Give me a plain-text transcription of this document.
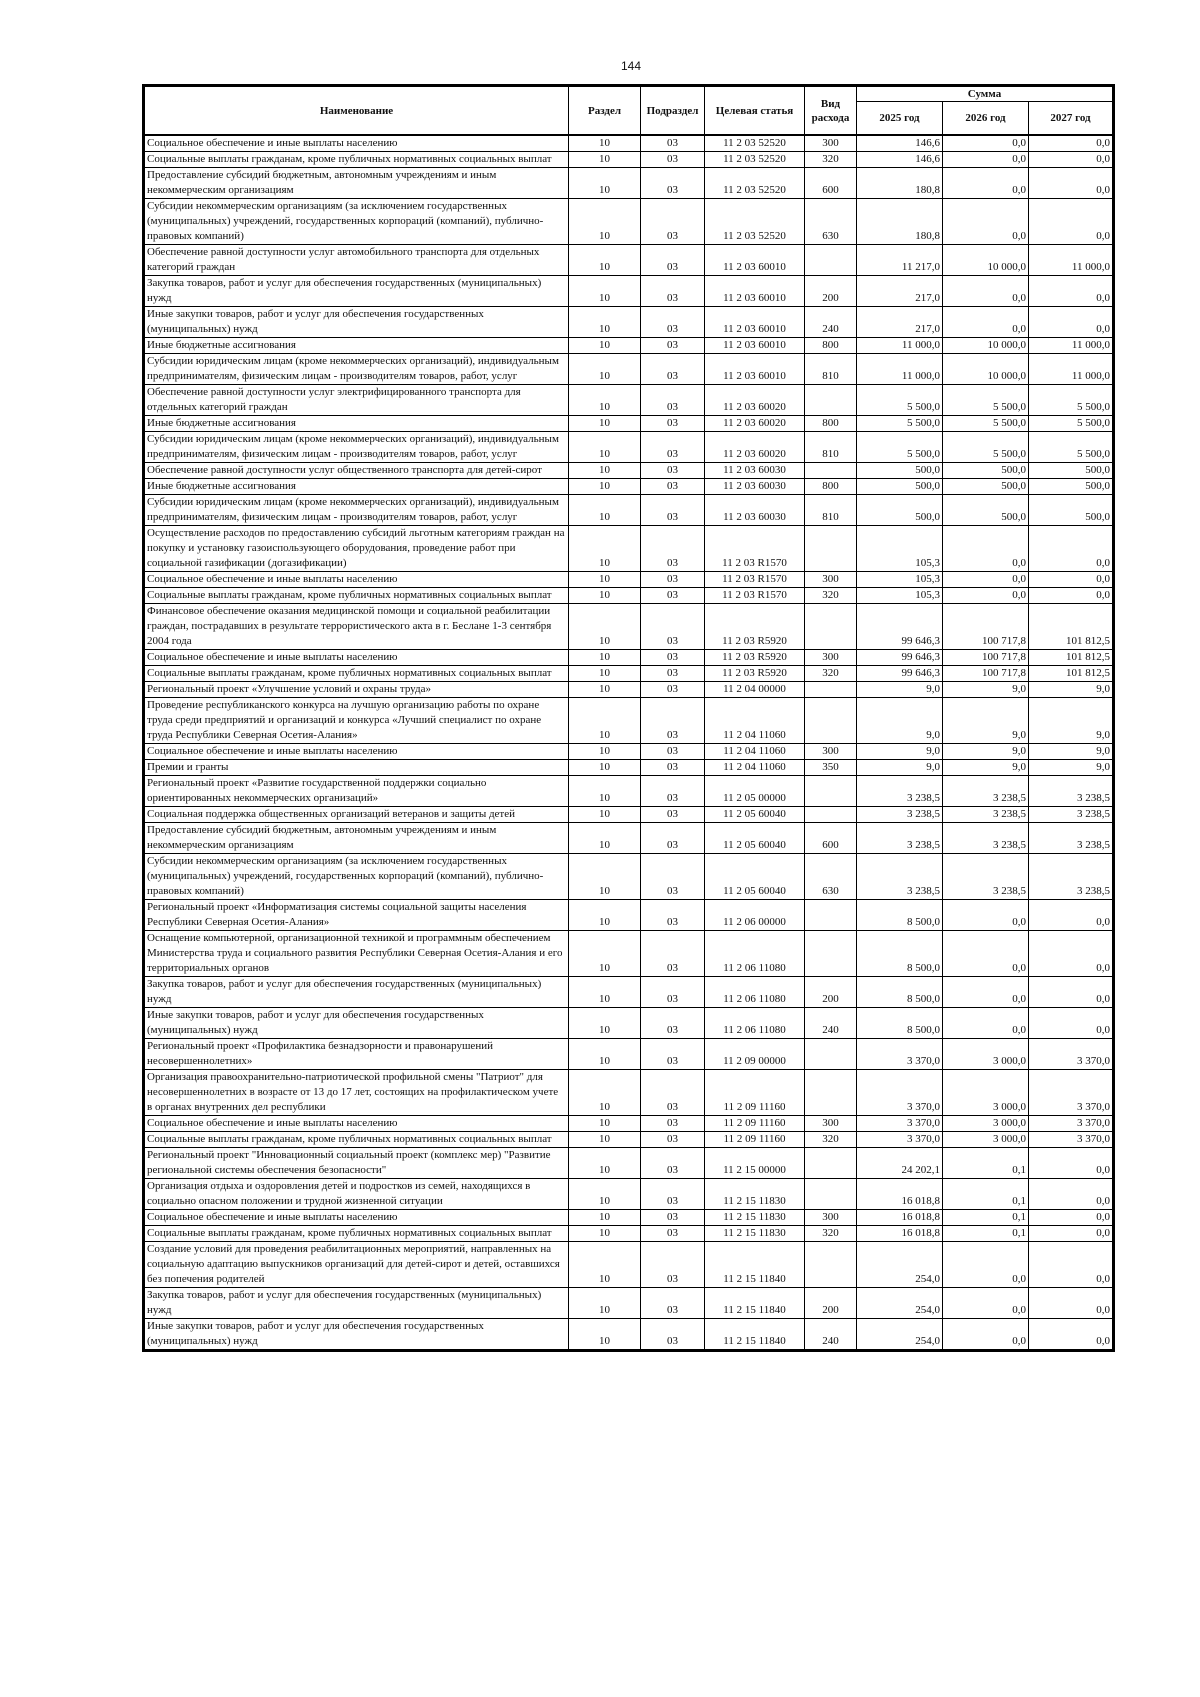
144
Наименование	Раздел	Подраздел	Целевая статья	Вид расхода	Сумма		
					2025 год	2026 год	2027 год
Социальное обеспечение и иные выплаты населению	10	03	11 2 03 52520	300	146,6	0,0	0,0
Социальные выплаты гражданам, кроме публичных нормативных социальных выплат	10	03	11 2 03 52520	320	146,6	0,0	0,0
Предоставление субсидий бюджетным, автономным учреждениям и иным некоммерческим организациям	10	03	11 2 03 52520	600	180,8	0,0	0,0
Субсидии некоммерческим организациям (за исключением государственных (муниципальных) учреждений, государственных корпораций (компаний), публично-правовых компаний)	10	03	11 2 03 52520	630	180,8	0,0	0,0
Обеспечение равной доступности услуг автомобильного транспорта для отдельных категорий граждан	10	03	11 2 03 60010		11 217,0	10 000,0	11 000,0
Закупка товаров, работ и услуг для обеспечения государственных (муниципальных) нужд	10	03	11 2 03 60010	200	217,0	0,0	0,0
Иные закупки товаров, работ и услуг для обеспечения государственных (муниципальных) нужд	10	03	11 2 03 60010	240	217,0	0,0	0,0
Иные бюджетные ассигнования	10	03	11 2 03 60010	800	11 000,0	10 000,0	11 000,0
Субсидии юридическим лицам (кроме некоммерческих организаций), индивидуальным предпринимателям, физическим лицам - производителям товаров, работ, услуг	10	03	11 2 03 60010	810	11 000,0	10 000,0	11 000,0
Обеспечение равной доступности услуг электрифицированного транспорта для отдельных категорий граждан	10	03	11 2 03 60020		5 500,0	5 500,0	5 500,0
Иные бюджетные ассигнования	10	03	11 2 03 60020	800	5 500,0	5 500,0	5 500,0
Субсидии юридическим лицам (кроме некоммерческих организаций), индивидуальным предпринимателям, физическим лицам - производителям товаров, работ, услуг	10	03	11 2 03 60020	810	5 500,0	5 500,0	5 500,0
Обеспечение равной доступности услуг общественного транспорта для детей-сирот	10	03	11 2 03 60030		500,0	500,0	500,0
Иные бюджетные ассигнования	10	03	11 2 03 60030	800	500,0	500,0	500,0
Субсидии юридическим лицам (кроме некоммерческих организаций), индивидуальным предпринимателям, физическим лицам - производителям товаров, работ, услуг	10	03	11 2 03 60030	810	500,0	500,0	500,0
Осуществление расходов по предоставлению субсидий льготным категориям граждан на покупку и установку газоиспользующего оборудования, проведение работ при социальной газификации (догазификации)	10	03	11 2 03 R1570		105,3	0,0	0,0
Социальное обеспечение и иные выплаты населению	10	03	11 2 03 R1570	300	105,3	0,0	0,0
Социальные выплаты гражданам, кроме публичных нормативных социальных выплат	10	03	11 2 03 R1570	320	105,3	0,0	0,0
Финансовое обеспечение оказания медицинской помощи и социальной реабилитации граждан, пострадавших в результате террористического акта в г. Беслане 1-3 сентября 2004 года	10	03	11 2 03 R5920		99 646,3	100 717,8	101 812,5
Социальное обеспечение и иные выплаты населению	10	03	11 2 03 R5920	300	99 646,3	100 717,8	101 812,5
Социальные выплаты гражданам, кроме публичных нормативных социальных выплат	10	03	11 2 03 R5920	320	99 646,3	100 717,8	101 812,5
Региональный проект «Улучшение условий и охраны труда»	10	03	11 2 04 00000		9,0	9,0	9,0
Проведение республиканского конкурса на лучшую организацию работы по охране труда среди предприятий и организаций и конкурса «Лучший специалист по охране труда Республики Северная Осетия-Алания»	10	03	11 2 04 11060		9,0	9,0	9,0
Социальное обеспечение и иные выплаты населению	10	03	11 2 04 11060	300	9,0	9,0	9,0
Премии и гранты	10	03	11 2 04 11060	350	9,0	9,0	9,0
Региональный проект «Развитие государственной поддержки социально ориентированных некоммерческих организаций»	10	03	11 2 05 00000		3 238,5	3 238,5	3 238,5
Социальная поддержка общественных организаций ветеранов и защиты детей	10	03	11 2 05 60040		3 238,5	3 238,5	3 238,5
Предоставление субсидий бюджетным, автономным учреждениям и иным некоммерческим организациям	10	03	11 2 05 60040	600	3 238,5	3 238,5	3 238,5
Субсидии некоммерческим организациям (за исключением государственных (муниципальных) учреждений, государственных корпораций (компаний), публично-правовых компаний)	10	03	11 2 05 60040	630	3 238,5	3 238,5	3 238,5
Региональный проект «Информатизация системы социальной защиты населения Республики Северная Осетия-Алания»	10	03	11 2 06 00000		8 500,0	0,0	0,0
Оснащение компьютерной, организационной техникой и программным обеспечением Министерства труда и социального развития Республики Северная Осетия-Алания и его территориальных органов	10	03	11 2 06 11080		8 500,0	0,0	0,0
Закупка товаров, работ и услуг для обеспечения государственных (муниципальных) нужд	10	03	11 2 06 11080	200	8 500,0	0,0	0,0
Иные закупки товаров, работ и услуг для обеспечения государственных (муниципальных) нужд	10	03	11 2 06 11080	240	8 500,0	0,0	0,0
Региональный проект «Профилактика безнадзорности и правонарушений несовершеннолетних»	10	03	11 2 09 00000		3 370,0	3 000,0	3 370,0
Организация правоохранительно-патриотической профильной смены "Патриот" для несовершеннолетних в возрасте от 13 до 17 лет, состоящих на профилактическом учете в органах внутренних дел республики	10	03	11 2 09 11160		3 370,0	3 000,0	3 370,0
Социальное обеспечение и иные выплаты населению	10	03	11 2 09 11160	300	3 370,0	3 000,0	3 370,0
Социальные выплаты гражданам, кроме публичных нормативных социальных выплат	10	03	11 2 09 11160	320	3 370,0	3 000,0	3 370,0
Региональный проект "Инновационный социальный проект (комплекс мер) "Развитие региональной системы обеспечения безопасности"	10	03	11 2 15 00000		24 202,1	0,1	0,0
Организация отдыха и оздоровления детей и подростков из семей, находящихся в социально опасном положении и трудной жизненной ситуации	10	03	11 2 15 11830		16 018,8	0,1	0,0
Социальное обеспечение и иные выплаты населению	10	03	11 2 15 11830	300	16 018,8	0,1	0,0
Социальные выплаты гражданам, кроме публичных нормативных социальных выплат	10	03	11 2 15 11830	320	16 018,8	0,1	0,0
Создание условий для проведения реабилитационных мероприятий, направленных на социальную адаптацию выпускников организаций для детей-сирот и детей, оставшихся без попечения родителей	10	03	11 2 15 11840		254,0	0,0	0,0
Закупка товаров, работ и услуг для обеспечения государственных (муниципальных) нужд	10	03	11 2 15 11840	200	254,0	0,0	0,0
Иные закупки товаров, работ и услуг для обеспечения государственных (муниципальных) нужд	10	03	11 2 15 11840	240	254,0	0,0	0,0
